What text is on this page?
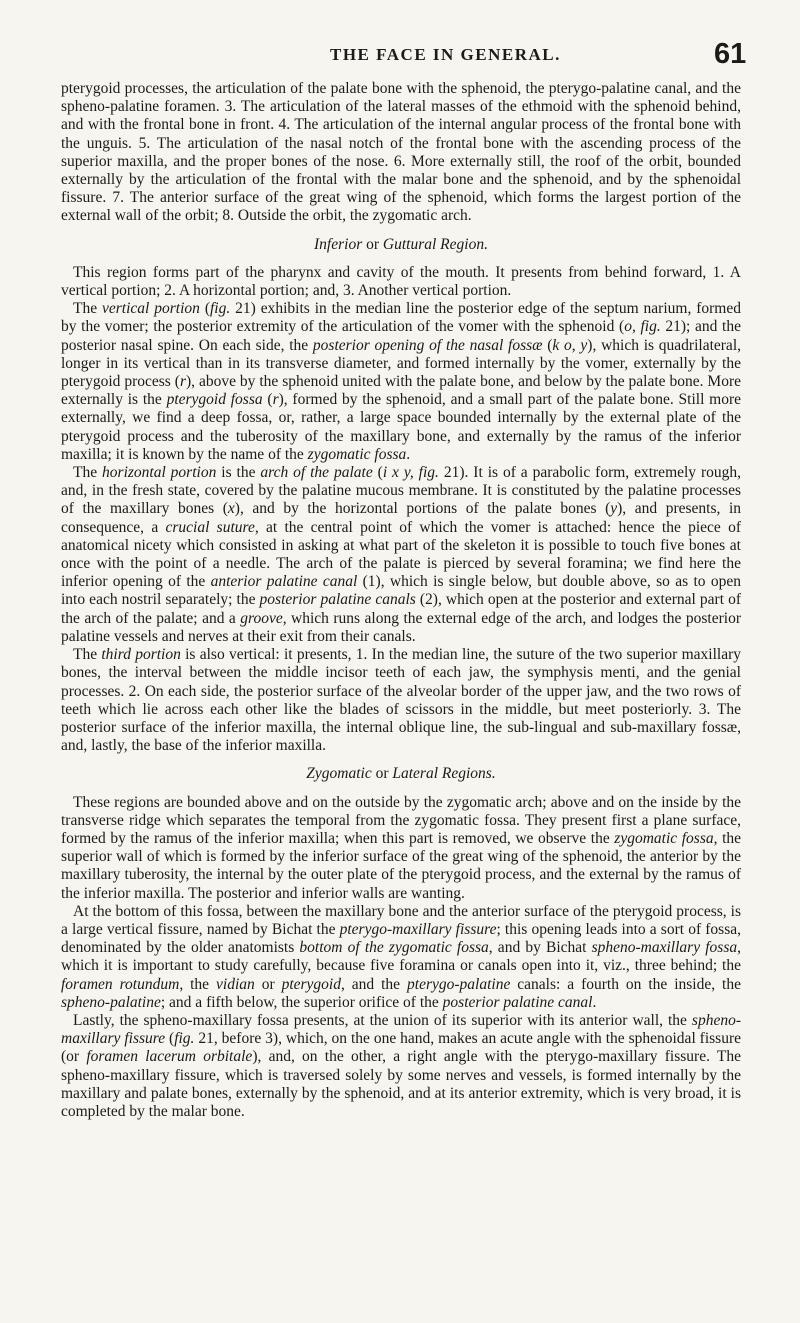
THE FACE IN GENERAL.	61

pterygoid processes, the articulation of the palate bone with the sphenoid, the pterygo-palatine canal, and the spheno-palatine foramen. 3. The articulation of the lateral masses of the ethmoid with the sphenoid behind, and with the frontal bone in front. 4. The articulation of the internal angular process of the frontal bone with the unguis. 5. The articulation of the nasal notch of the frontal bone with the ascending process of the superior maxilla, and the proper bones of the nose. 6. More externally still, the roof of the orbit, bounded externally by the articulation of the frontal with the malar bone and the sphenoid, and by the sphenoidal fissure. 7. The anterior surface of the great wing of the sphenoid, which forms the largest portion of the external wall of the orbit; 8. Outside the orbit, the zygomatic arch.

Inferior or Guttural Region.

This region forms part of the pharynx and cavity of the mouth. It presents from behind forward, 1. A vertical portion; 2. A horizontal portion; and, 3. Another vertical portion.

The vertical portion (fig. 21) exhibits in the median line the posterior edge of the septum narium, formed by the vomer; the posterior extremity of the articulation of the vomer with the sphenoid (o, fig. 21); and the posterior nasal spine. On each side, the posterior opening of the nasal fossæ (k o, y), which is quadrilateral, longer in its vertical than in its transverse diameter, and formed internally by the vomer, externally by the pterygoid process (r), above by the sphenoid united with the palate bone, and below by the palate bone. More externally is the pterygoid fossa (r), formed by the sphenoid, and a small part of the palate bone. Still more externally, we find a deep fossa, or, rather, a large space bounded internally by the external plate of the pterygoid process and the tuberosity of the maxillary bone, and externally by the ramus of the inferior maxilla; it is known by the name of the zygomatic fossa.

The horizontal portion is the arch of the palate (i x y, fig. 21). It is of a parabolic form, extremely rough, and, in the fresh state, covered by the palatine mucous membrane. It is constituted by the palatine processes of the maxillary bones (x), and by the horizontal portions of the palate bones (y), and presents, in consequence, a crucial suture, at the central point of which the vomer is attached: hence the piece of anatomical nicety which consisted in asking at what part of the skeleton it is possible to touch five bones at once with the point of a needle. The arch of the palate is pierced by several foramina; we find here the inferior opening of the anterior palatine canal (1), which is single below, but double above, so as to open into each nostril separately; the posterior palatine canals (2), which open at the posterior and external part of the arch of the palate; and a groove, which runs along the external edge of the arch, and lodges the posterior palatine vessels and nerves at their exit from their canals.

The third portion is also vertical: it presents, 1. In the median line, the suture of the two superior maxillary bones, the interval between the middle incisor teeth of each jaw, the symphysis menti, and the genial processes. 2. On each side, the posterior surface of the alveolar border of the upper jaw, and the two rows of teeth which lie across each other like the blades of scissors in the middle, but meet posteriorly. 3. The posterior surface of the inferior maxilla, the internal oblique line, the sub-lingual and sub-maxillary fossæ, and, lastly, the base of the inferior maxilla.

Zygomatic or Lateral Regions.

These regions are bounded above and on the outside by the zygomatic arch; above and on the inside by the transverse ridge which separates the temporal from the zygomatic fossa. They present first a plane surface, formed by the ramus of the inferior maxilla; when this part is removed, we observe the zygomatic fossa, the superior wall of which is formed by the inferior surface of the great wing of the sphenoid, the anterior by the maxillary tuberosity, the internal by the outer plate of the pterygoid process, and the external by the ramus of the inferior maxilla. The posterior and inferior walls are wanting.

At the bottom of this fossa, between the maxillary bone and the anterior surface of the pterygoid process, is a large vertical fissure, named by Bichat the pterygo-maxillary fissure; this opening leads into a sort of fossa, denominated by the older anatomists bottom of the zygomatic fossa, and by Bichat spheno-maxillary fossa, which it is important to study carefully, because five foramina or canals open into it, viz., three behind; the foramen rotundum, the vidian or pterygoid, and the pterygo-palatine canals: a fourth on the inside, the spheno-palatine; and a fifth below, the superior orifice of the posterior palatine canal.

Lastly, the spheno-maxillary fossa presents, at the union of its superior with its anterior wall, the spheno-maxillary fissure (fig. 21, before 3), which, on the one hand, makes an acute angle with the sphenoidal fissure (or foramen lacerum orbitale), and, on the other, a right angle with the pterygo-maxillary fissure. The spheno-maxillary fissure, which is traversed solely by some nerves and vessels, is formed internally by the maxillary and palate bones, externally by the sphenoid, and at its anterior extremity, which is very broad, it is completed by the malar bone.
